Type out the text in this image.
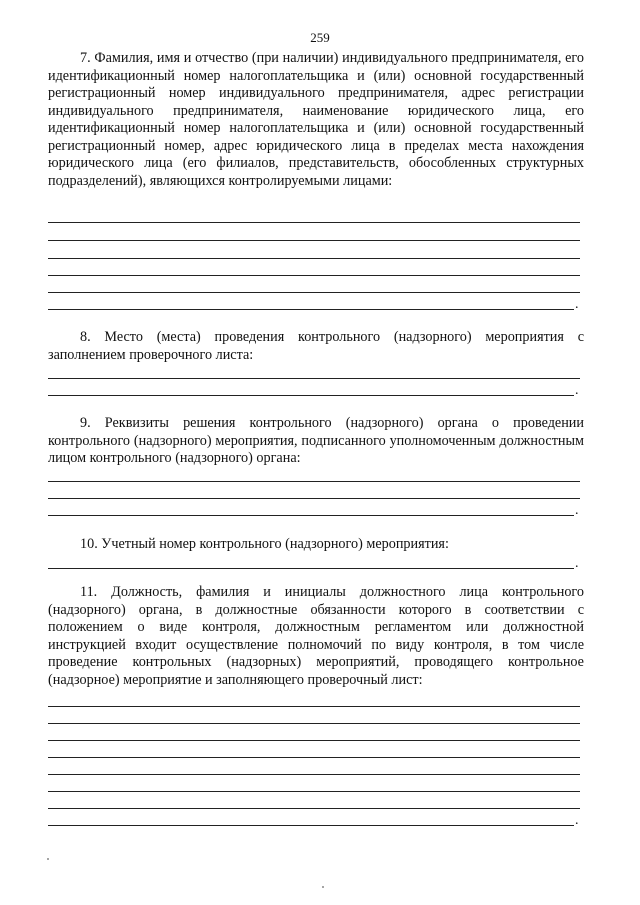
259
7. Фамилия, имя и отчество (при наличии) индивидуального предпринимателя, его идентификационный номер налогоплательщика и (или) основной государственный регистрационный номер индивидуального предпринимателя, адрес регистрации индивидуального предпринимателя, наименование юридического лица, его идентификационный номер налогоплательщика и (или) основной государственный регистрационный номер, адрес юридического лица в пределах места нахождения юридического лица (его филиалов, представительств, обособленных структурных подразделений), являющихся контролируемыми лицами:
.
8. Место (места) проведения контрольного (надзорного) мероприятия с заполнением проверочного листа:
.
9. Реквизиты решения контрольного (надзорного) органа о проведении контрольного (надзорного) мероприятия, подписанного уполномоченным должностным лицом контрольного (надзорного) органа:
.
10. Учетный номер контрольного (надзорного) мероприятия:
.
11. Должность, фамилия и инициалы должностного лица контрольного (надзорного) органа, в должностные обязанности которого в соответствии с положением о виде контроля, должностным регламентом или должностной инструкцией входит осуществление полномочий по виду контроля, в том числе проведение контрольных (надзорных) мероприятий, проводящего контрольное (надзорное) мероприятие и заполняющего проверочный лист:
.
